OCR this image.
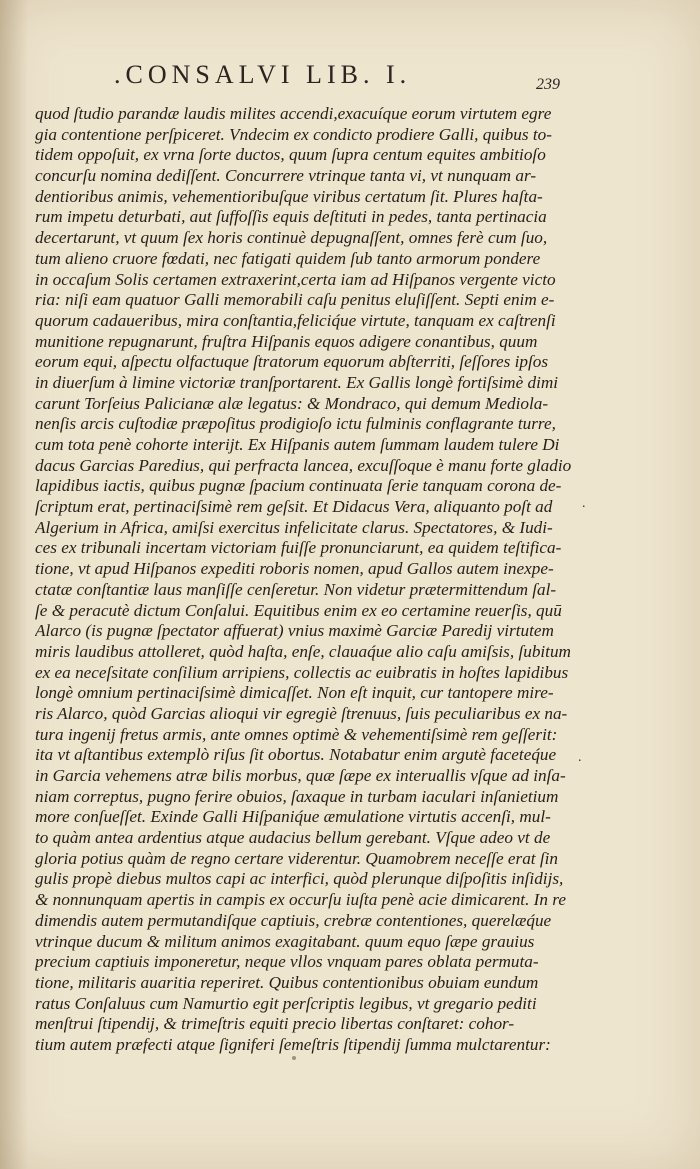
.CONSALVI LIB. I.	239
quod ſtudio parandæ laudis milites accendi,exacuíque eorum virtutem egre
gia contentione perſpiceret. Vndecim ex condicto prodiere Galli, quibus to-
tidem oppoſuit, ex vrna ſorte ductos, quum ſupra centum equites ambitioſo
concurſu nomina dediſſent. Concurrere vtrinque tanta vi, vt nunquam ar-
dentioribus animis, vehementioribuſque viribus certatum ſit. Plures haſta-
rum impetu deturbati, aut ſuffoſſis equis deſtituti in pedes, tanta pertinacia
decertarunt, vt quum ſex horis continuè depugnaſſent, omnes ferè cum ſuo,
tum alieno cruore fœdati, nec fatigati quidem ſub tanto armorum pondere
in occaſum Solis certamen extraxerint,certa iam ad Hiſpanos vergente victo
ria: niſi eam quatuor Galli memorabili caſu penitus eluſiſſent. Septi enim e-
quorum cadaueribus, mira conſtantia,feliciq́ue virtute, tanquam ex caſtrenſi
munitione repugnarunt, fruſtra Hiſpanis equos adigere conantibus, quum
eorum equi, aſpectu olfactuque ſtratorum equorum abſterriti, ſeſſores ipſos
in diuerſum à limine victoriæ tranſportarent. Ex Gallis longè fortiſsimè dimi
carunt Torſeius Palicianæ alæ legatus: & Mondraco, qui demum Mediola-
nenſis arcis cuſtodiæ præpoſitus prodigioſo ictu fulminis conflagrante turre,
cum tota penè cohorte interijt. Ex Hiſpanis autem ſummam laudem tulere Di
dacus Garcias Paredius, qui perfracta lancea, excuſſoque è manu forte gladio
lapidibus iactis, quibus pugnæ ſpacium continuata ſerie tanquam corona de-
ſcriptum erat, pertinaciſsimè rem geſsit. Et Didacus Vera, aliquanto poſt ad
Algerium in Africa, amiſsi exercitus infelicitate clarus. Spectatores, & Iudi-
ces ex tribunali incertam victoriam fuiſſe pronunciarunt, ea quidem teſtifica-
tione, vt apud Hiſpanos expediti roboris nomen, apud Gallos autem inexpe-
ctatæ conſtantiæ laus manſiſſe cenſeretur. Non videtur prætermittendum ſal-
ſe & peracutè dictum Conſalui. Equitibus enim ex eo certamine reuerſis, quū
Alarco (is pugnæ ſpectator affuerat) vnius maximè Garciæ Paredij virtutem
miris laudibus attolleret, quòd haſta, enſe, clauaq́ue alio caſu amiſsis, ſubitum
ex ea neceſsitate conſilium arripiens, collectis ac euibratis in hoſtes lapidibus
longè omnium pertinaciſsimè dimicaſſet. Non eſt inquit, cur tantopere mire-
ris Alarco, quòd Garcias alioqui vir egregiè ſtrenuus, ſuis peculiaribus ex na-
tura ingenij fretus armis, ante omnes optimè & vehementiſsimè rem geſſerit:
ita vt aſtantibus extemplò riſus ſit obortus. Notabatur enim argutè faceteq́ue
in Garcia vehemens atræ bilis morbus, quæ ſæpe ex interuallis vſque ad inſa-
niam correptus, pugno ferire obuios, ſaxaque in turbam iaculari inſanietium
more conſueſſet. Exinde Galli Hiſpaniq́ue æmulatione virtutis accenſi, mul-
to quàm antea ardentius atque audacius bellum gerebant. Vſque adeo vt de
gloria potius quàm de regno certare viderentur. Quamobrem neceſſe erat ſin
gulis propè diebus multos capi ac interfici, quòd plerunque diſpoſitis inſidijs,
& nonnunquam apertis in campis ex occurſu iuſta penè acie dimicarent. In re
dimendis autem permutandiſque captiuis, crebræ contentiones, querelæq́ue
vtrinque ducum & militum animos exagitabant. quum equo ſæpe grauius
precium captiuis imponeretur, neque vllos vnquam pares oblata permuta-
tione, militaris auaritia reperiret. Quibus contentionibus obuiam eundum
ratus Conſaluus cum Namurtio egit perſcriptis legibus, vt gregario pediti
menſtrui ſtipendij, & trimeſtris equiti precio libertas conſtaret: cohor-
tium autem præfecti atque ſigniferi ſemeſtris ſtipendij ſumma mulctarentur:
.
.
